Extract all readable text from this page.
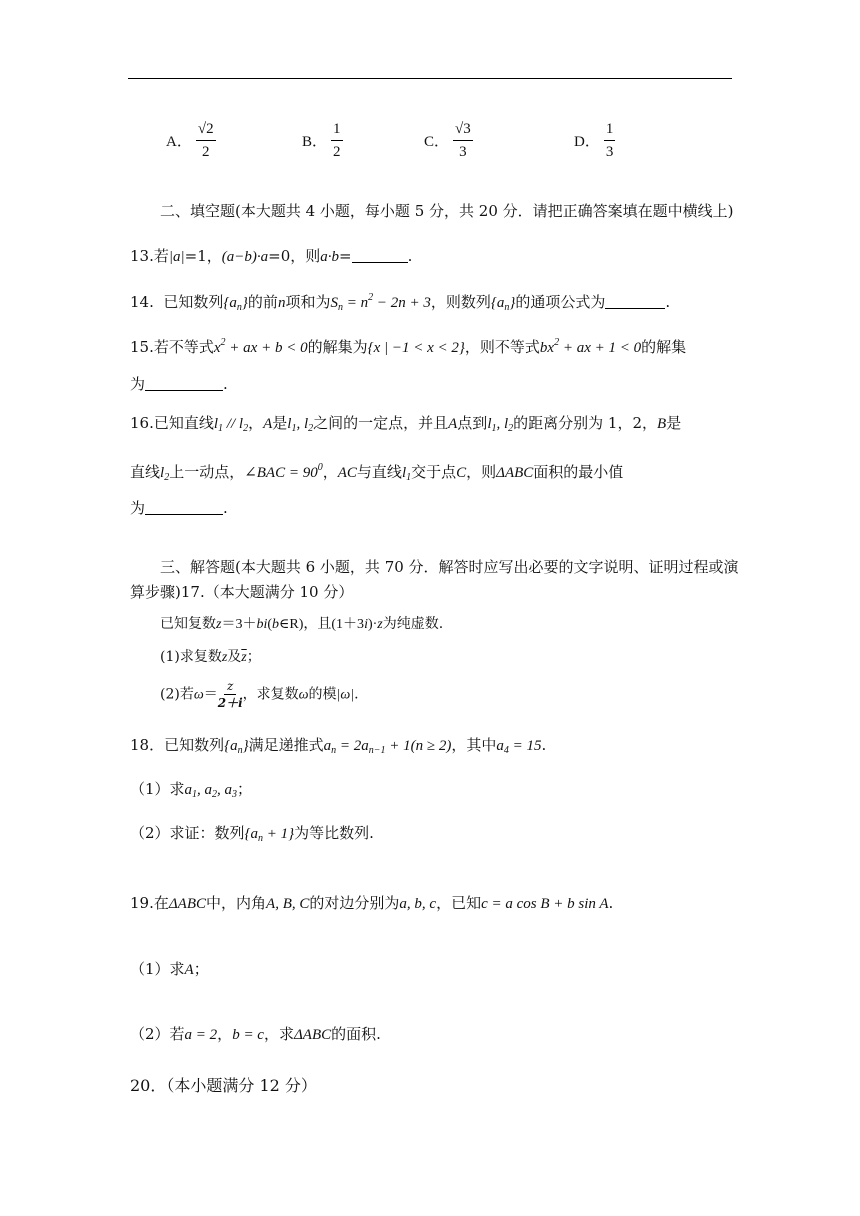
A． $\frac{√2}{2}$	B． $\frac{1}{2}$	C． $\frac{√3}{3}$	D． $\frac{1}{3}$
二、填空题(本大题共 4 小题，每小题 5 分，共 20 分．请把正确答案填在题中横线上)
13.若|a|=1，(a−b)·a=0，则a·b=	.
14. 已知数列$\{a_n\}$的前n项和为$S_n = n^2 - 2n + 3$，则数列$\{a_n\}$的通项公式为	.
15.若不等式$x^2$ + ax + b < 0的解集为{x | −1 < x < 2}，则不等式$bx^2$ + ax + 1 < 0的解集
为	.
16.已知直线$l_1 // l_2$，A是$l_1$, $l_2$之间的一定点，并且A点到$l_1$, $l_2$的距离分别为 1，2，B是
直线$l_2$上一动点，∠BAC = $90^0$，AC与直线$l_1$交于点C，则ΔABC面积的最小值
为	.
三、解答题(本大题共 6 小题，共 70 分．解答时应写出必要的文字说明、证明过程或演
算步骤)17.（本大题满分 10 分）
已知复数z＝3＋bi(b∈R)，且(1＋3i)·z为纯虚数.
(1)求复数z及$\overline{z}$；
(2)若$\omega= \frac{z}{2+i}$ ，求复数ω的模|ω|.
18．已知数列$\{a_n\}$满足递推式$a_n = 2a_{n-1} + 1(n \ge 2)$，其中$a_4 = 15$.
（1）求$a_1$, $a_2$, $a_3$；
（2）求证：数列$\{a_n + 1\}$为等比数列.
19.在ΔABC中，内角A, B, C的对边分别为a, b, c，已知c = a cos B + b sin A.
（1）求A；
（2）若a = 2，b = c，求ΔABC的面积.
20．（本小题满分 12 分）
